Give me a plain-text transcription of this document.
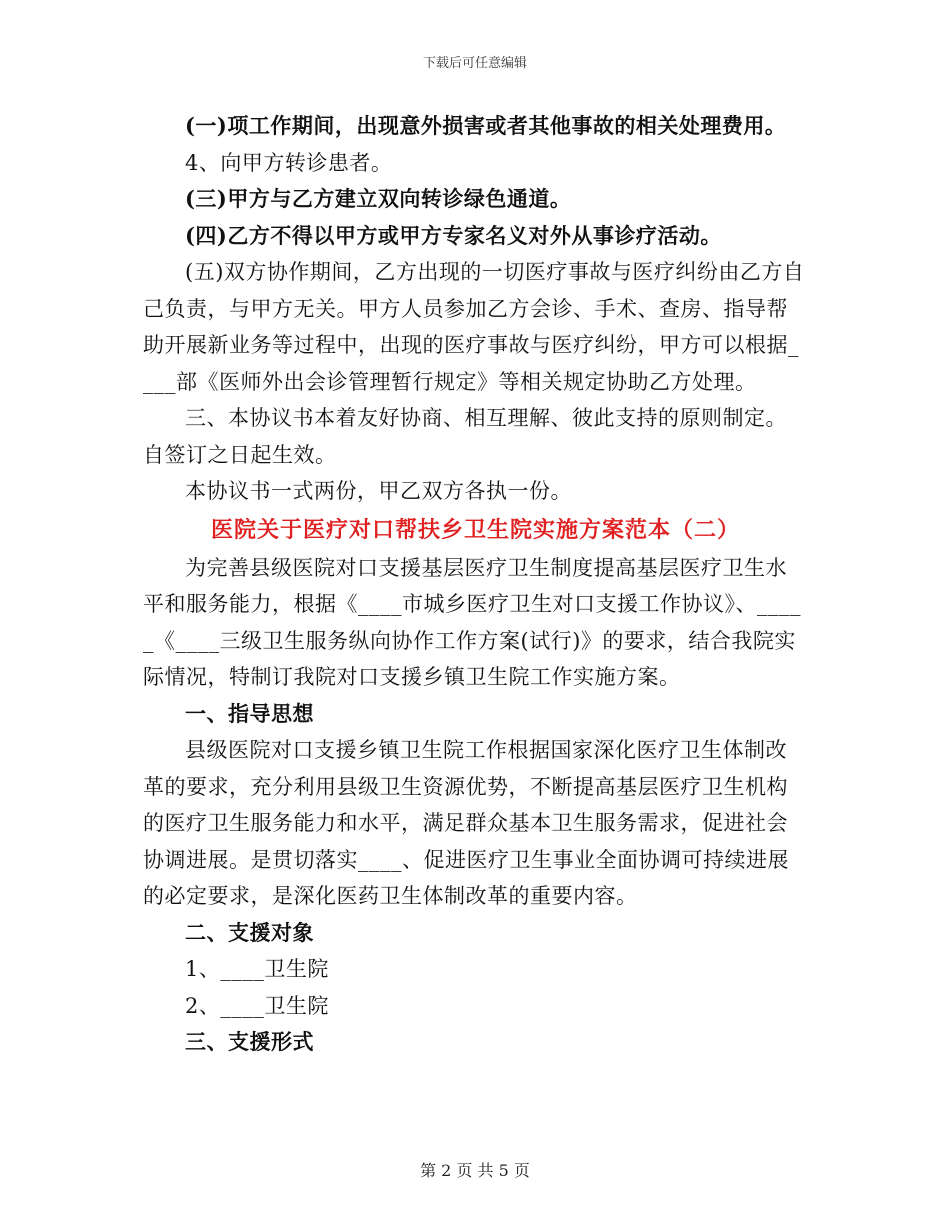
下载后可任意编辑

(一)项工作期间，出现意外损害或者其他事故的相关处理费用。

4、向甲方转诊患者。

(三)甲方与乙方建立双向转诊绿色通道。

(四)乙方不得以甲方或甲方专家名义对外从事诊疗活动。

(五)双方协作期间，乙方出现的一切医疗事故与医疗纠纷由乙方自己负责，与甲方无关。甲方人员参加乙方会诊、手术、查房、指导帮助开展新业务等过程中，出现的医疗事故与医疗纠纷，甲方可以根据____部《医师外出会诊管理暂行规定》等相关规定协助乙方处理。

三、本协议书本着友好协商、相互理解、彼此支持的原则制定。自签订之日起生效。

本协议书一式两份，甲乙双方各执一份。

医院关于医疗对口帮扶乡卫生院实施方案范本（二）

为完善县级医院对口支援基层医疗卫生制度提高基层医疗卫生水平和服务能力，根据《____市城乡医疗卫生对口支援工作协议》、_____《____三级卫生服务纵向协作工作方案(试行)》的要求，结合我院实际情况，特制订我院对口支援乡镇卫生院工作实施方案。

一、指导思想

县级医院对口支援乡镇卫生院工作根据国家深化医疗卫生体制改革的要求，充分利用县级卫生资源优势，不断提高基层医疗卫生机构的医疗卫生服务能力和水平，满足群众基本卫生服务需求，促进社会协调进展。是贯切落实____、促进医疗卫生事业全面协调可持续进展的必定要求，是深化医药卫生体制改革的重要内容。

二、支援对象

1、____卫生院

2、____卫生院

三、支援形式

第 2 页 共 5 页
